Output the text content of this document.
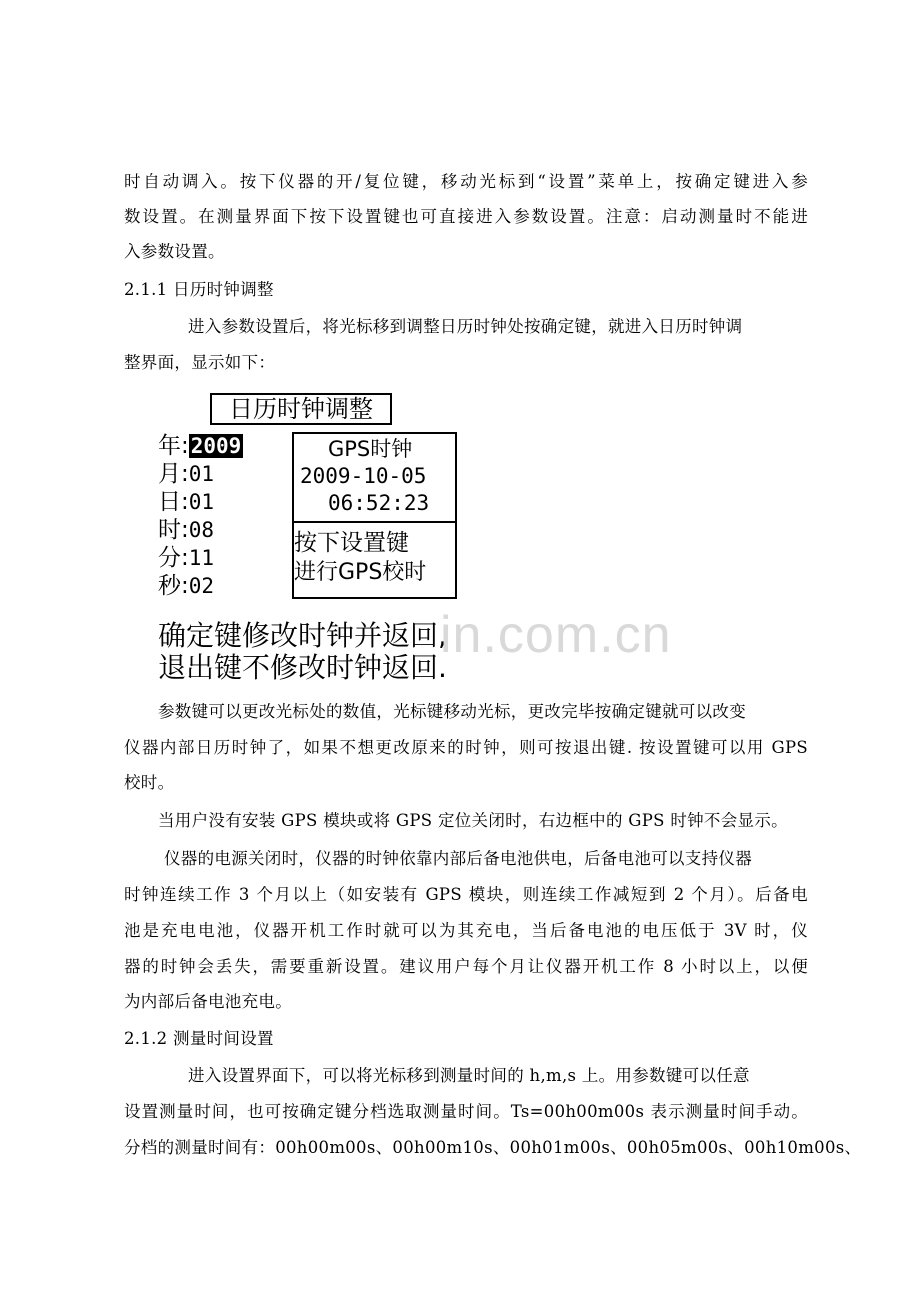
时自动调入。按下仪器的开/复位键，移动光标到“设置”菜单上，按确定键进入参
数设置。在测量界面下按下设置键也可直接进入参数设置。注意：启动测量时不能进
入参数设置。
2.1.1 日历时钟调整
进入参数设置后，将光标移到调整日历时钟处按确定键，就进入日历时钟调
整界面，显示如下：
日历时钟调整
年:2009
月:01
日:01
时:08
分:11
秒:02
GPS时钟
2009-10-05
06:52:23
按下设置键
进行GPS校时
确定键修改时钟并返回,
退出键不修改时钟返回.
in.com.cn
参数键可以更改光标处的数值，光标键移动光标，更改完毕按确定键就可以改变
仪器内部日历时钟了，如果不想更改原来的时钟，则可按退出键. 按设置键可以用 GPS
校时。
当用户没有安装 GPS 模块或将 GPS 定位关闭时，右边框中的 GPS 时钟不会显示。
仪器的电源关闭时，仪器的时钟依靠内部后备电池供电，后备电池可以支持仪器
时钟连续工作 3 个月以上（如安装有 GPS 模块，则连续工作减短到 2 个月）。后备电
池是充电电池，仪器开机工作时就可以为其充电，当后备电池的电压低于 3V 时，仪
器的时钟会丢失，需要重新设置。建议用户每个月让仪器开机工作 8 小时以上，以便
为内部后备电池充电。
2.1.2 测量时间设置
进入设置界面下，可以将光标移到测量时间的 h,m,s 上。用参数键可以任意
设置测量时间，也可按确定键分档选取测量时间。Ts=00h00m00s 表示测量时间手动。
分档的测量时间有：00h00m00s、00h00m10s、00h01m00s、00h05m00s、00h10m00s、
